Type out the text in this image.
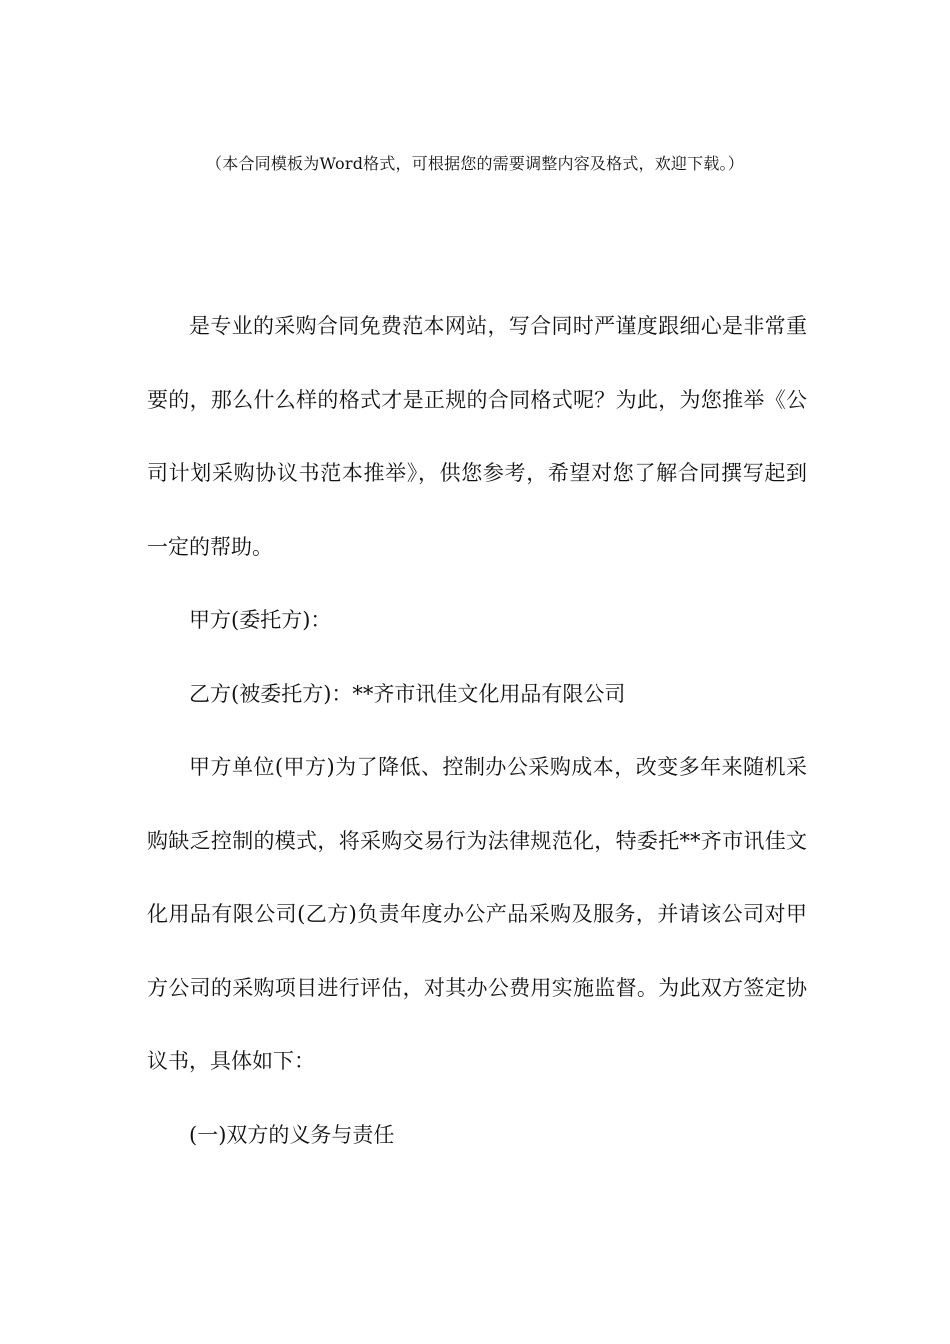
（本合同模板为Word格式，可根据您的需要调整内容及格式，欢迎下载。）

是专业的采购合同免费范本网站，写合同时严谨度跟细心是非常重要的，那么什么样的格式才是正规的合同格式呢？为此，为您推举《公司计划采购协议书范本推举》，供您参考，希望对您了解合同撰写起到一定的帮助。

甲方(委托方)：

乙方(被委托方)：**齐市讯佳文化用品有限公司

甲方单位(甲方)为了降低、控制办公采购成本，改变多年来随机采购缺乏控制的模式，将采购交易行为法律规范化，特委托**齐市讯佳文化用品有限公司(乙方)负责年度办公产品采购及服务，并请该公司对甲方公司的采购项目进行评估，对其办公费用实施监督。为此双方签定协议书，具体如下：

(一)双方的义务与责任
